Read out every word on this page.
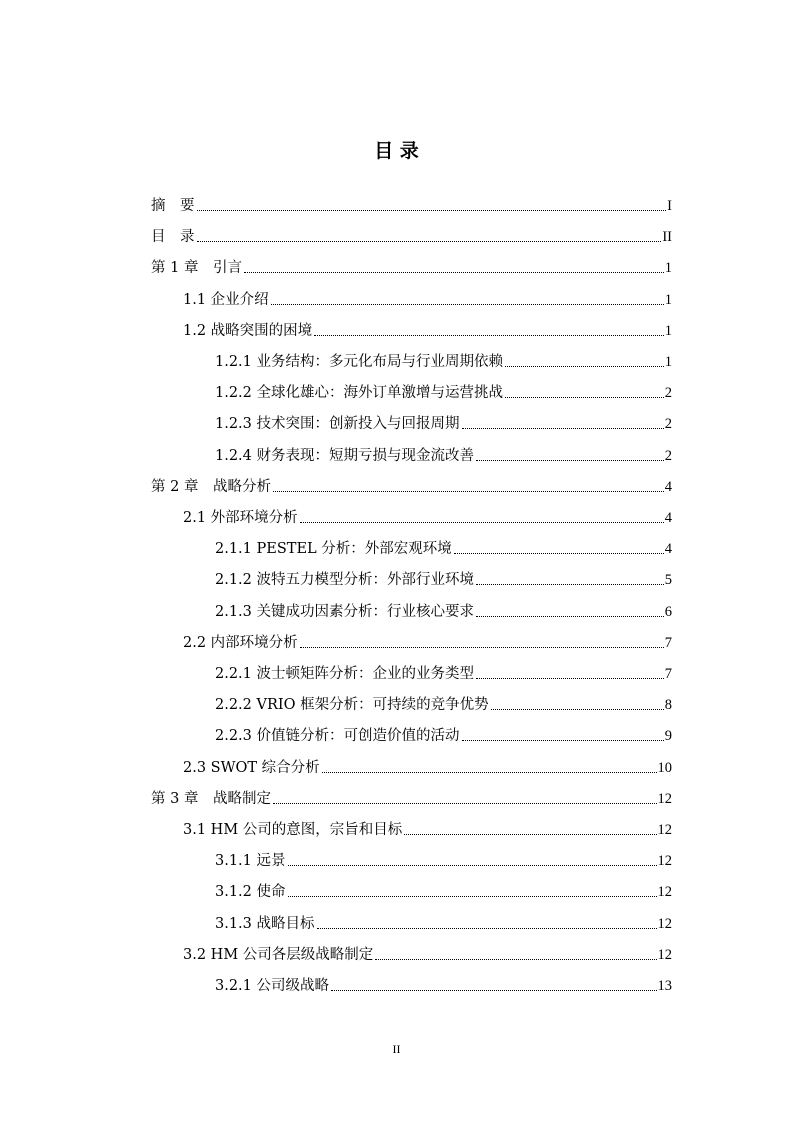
目 录
摘　要	I
目　录	II
第 1 章　引言	1
1.1 企业介绍	1
1.2 战略突围的困境	1
1.2.1 业务结构：多元化布局与行业周期依赖	1
1.2.2 全球化雄心：海外订单激增与运营挑战	2
1.2.3 技术突围：创新投入与回报周期	2
1.2.4 财务表现：短期亏损与现金流改善	2
第 2 章　战略分析	4
2.1 外部环境分析	4
2.1.1 PESTEL 分析：外部宏观环境	4
2.1.2 波特五力模型分析：外部行业环境	5
2.1.3 关键成功因素分析：行业核心要求	6
2.2 内部环境分析	7
2.2.1 波士顿矩阵分析：企业的业务类型	7
2.2.2 VRIO 框架分析：可持续的竞争优势	8
2.2.3 价值链分析：可创造价值的活动	9
2.3 SWOT 综合分析	10
第 3 章　战略制定	12
3.1 HM 公司的意图，宗旨和目标	12
3.1.1 远景	12
3.1.2 使命	12
3.1.3 战略目标	12
3.2 HM 公司各层级战略制定	12
3.2.1 公司级战略	13
II
